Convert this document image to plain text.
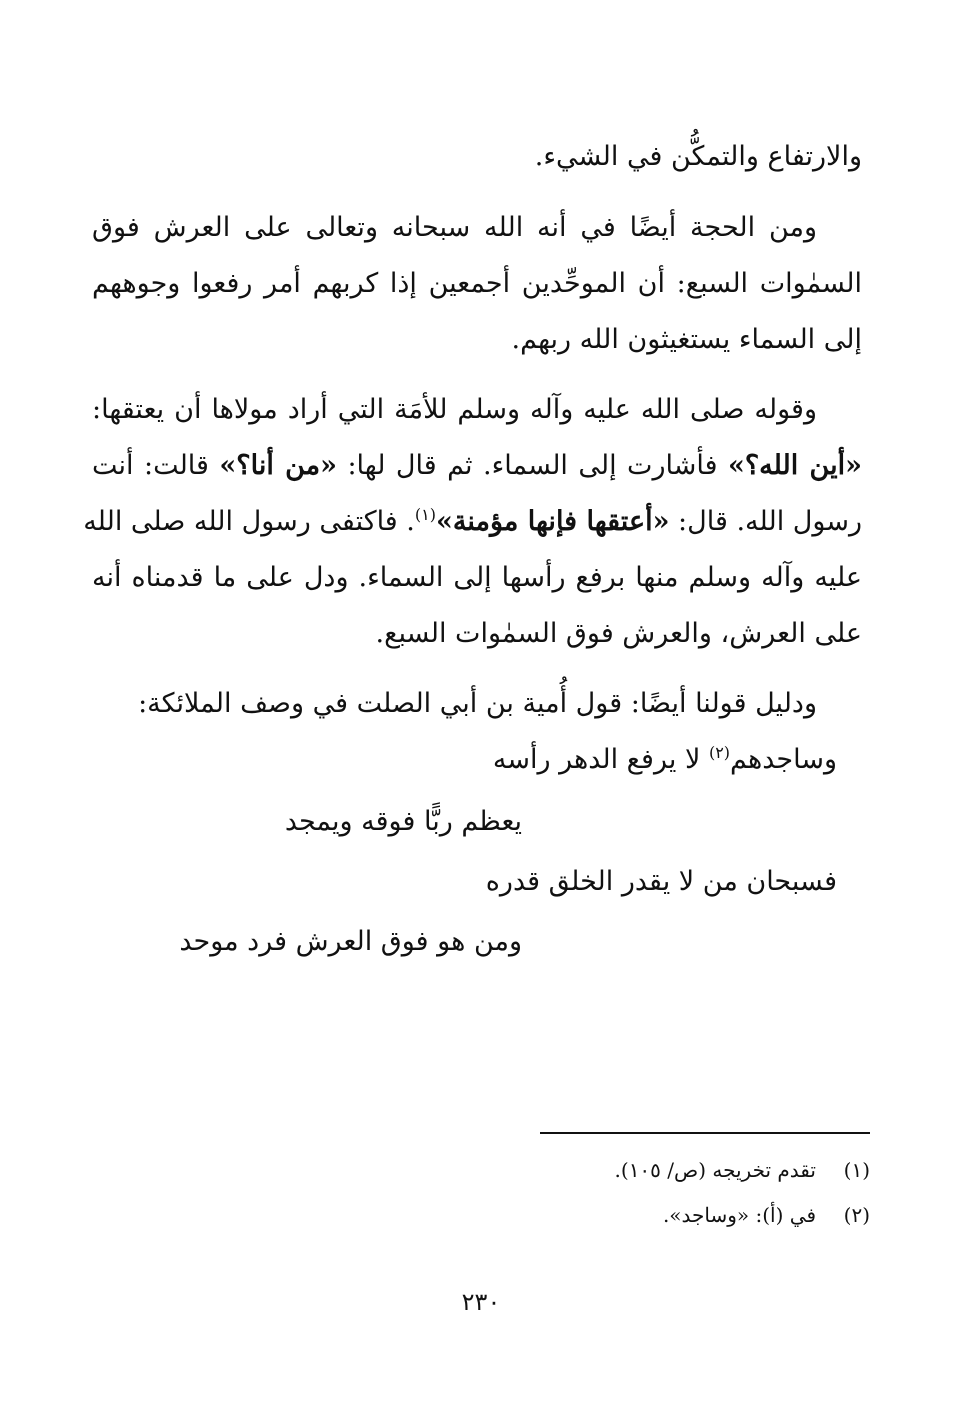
والارتفاع والتمكُّن في الشيء.
ومن الحجة أيضًا في أنه الله سبحانه وتعالى على العرش فوق
السمٰوات السبع: أن الموحِّدين أجمعين إذا كربهم أمر رفعوا وجوههم
إلى السماء يستغيثون الله ربهم.
وقوله صلى الله عليه وآله وسلم للأمَة التي أراد مولاها أن يعتقها:
«أين الله؟» فأشارت إلى السماء. ثم قال لها: «من أنا؟» قالت: أنت
رسول الله. قال: «أعتقها فإنها مؤمنة»$^{(١)}$. فاكتفى رسول الله صلى الله
عليه وآله وسلم منها برفع رأسها إلى السماء. ودل على ما قدمناه أنه
على العرش، والعرش فوق السمٰوات السبع.
ودليل قولنا أيضًا: قول أُمية بن أبي الصلت في وصف الملائكة:
وساجدهم$^{(٢)}$ لا يرفع الدهر رأسه
يعظم ربًّا فوقه ويمجد
فسبحان من لا يقدر الخلق قدره
ومن هو فوق العرش فرد موحد
(١)تقدم تخريجه (ص/ ١٠٥).
(٢)في (أ): «وساجد».
٢٣٠
